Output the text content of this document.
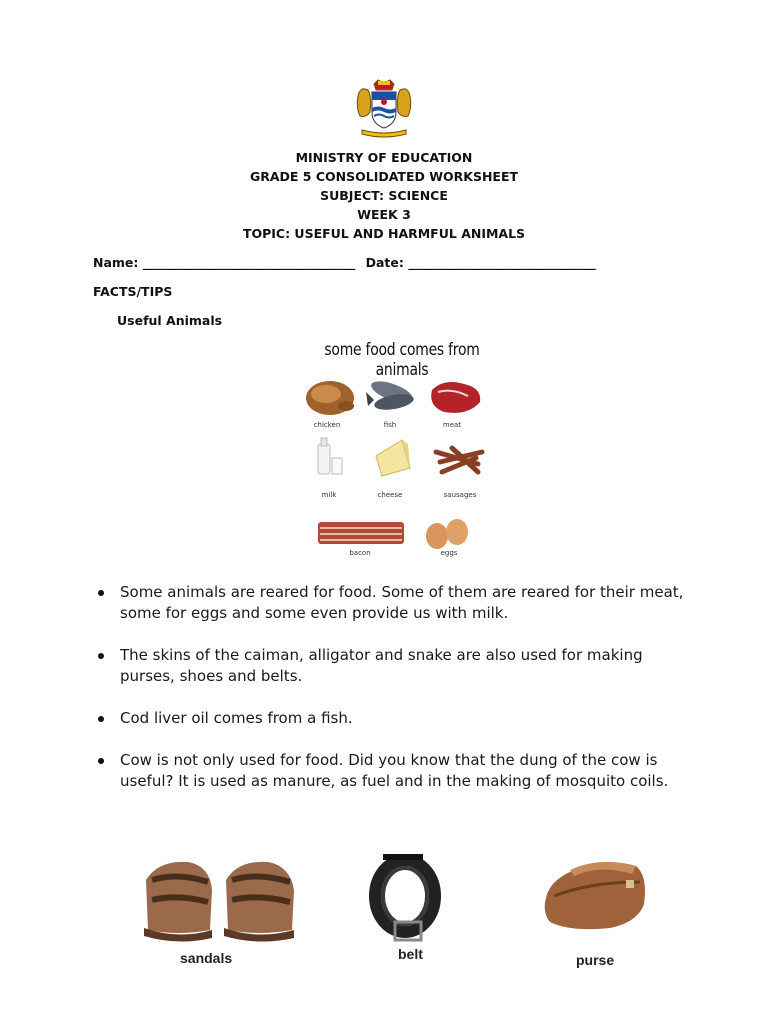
MINISTRY OF EDUCATION
GRADE 5 CONSOLIDATED WORKSHEET
SUBJECT: SCIENCE
WEEK 3
TOPIC: USEFUL AND HARMFUL ANIMALS
Name: __________________________________ Date: ______________________________
FACTS/TIPS
Useful Animals
some food comes from animals
chicken	fish	meat
milk	cheese	sausages
bacon	eggs
Some animals are reared for food. Some of them are reared for their meat, some for eggs and some even provide us with milk.
The skins of the caiman, alligator and snake are also used for making purses, shoes and belts.
Cod liver oil comes from a fish.
Cow is not only used for food. Did you know that the dung of the cow is useful? It is used as manure, as fuel and in the making of mosquito coils.
sandals	belt	purse
